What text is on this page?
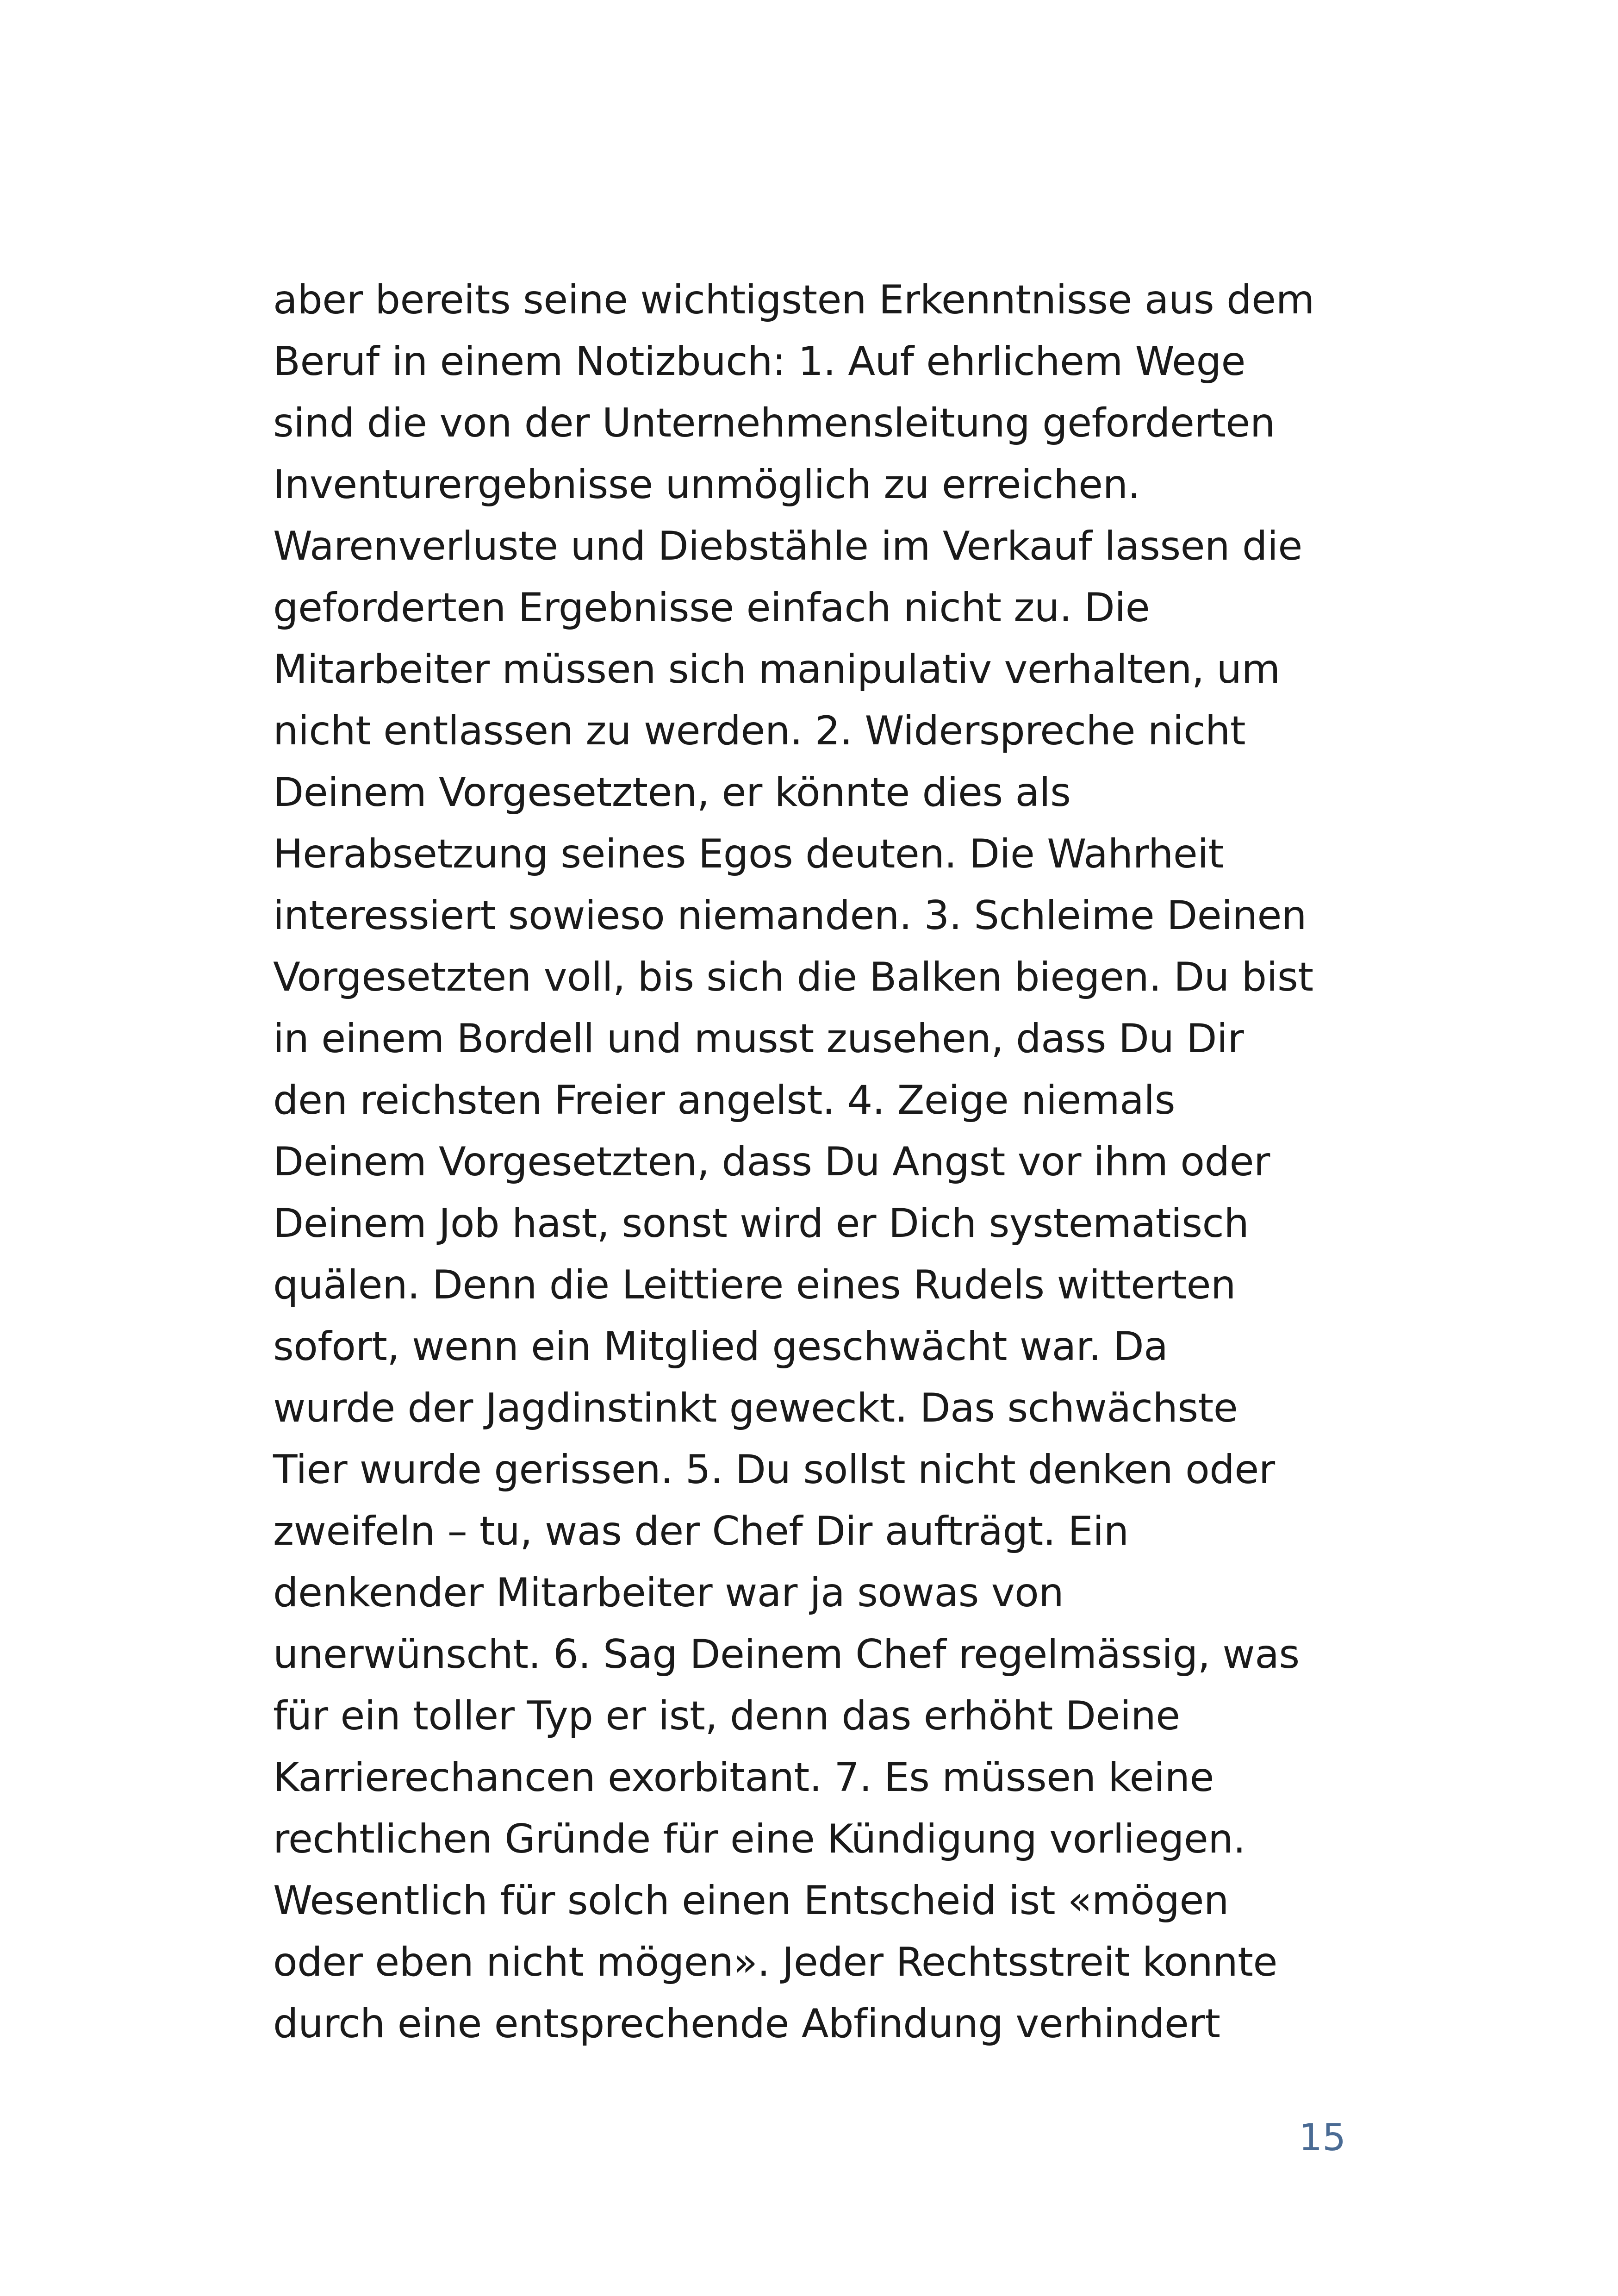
aber bereits seine wichtigsten Erkenntnisse aus dem
Beruf in einem Notizbuch: 1. Auf ehrlichem Wege
sind die von der Unternehmensleitung geforderten
Inventurergebnisse unmöglich zu erreichen.
Warenverluste und Diebstähle im Verkauf lassen die
geforderten Ergebnisse einfach nicht zu. Die
Mitarbeiter müssen sich manipulativ verhalten, um
nicht entlassen zu werden. 2. Widerspreche nicht
Deinem Vorgesetzten, er könnte dies als
Herabsetzung seines Egos deuten. Die Wahrheit
interessiert sowieso niemanden. 3. Schleime Deinen
Vorgesetzten voll, bis sich die Balken biegen. Du bist
in einem Bordell und musst zusehen, dass Du Dir
den reichsten Freier angelst. 4. Zeige niemals
Deinem Vorgesetzten, dass Du Angst vor ihm oder
Deinem Job hast, sonst wird er Dich systematisch
quälen. Denn die Leittiere eines Rudels witterten
sofort, wenn ein Mitglied geschwächt war. Da
wurde der Jagdinstinkt geweckt. Das schwächste
Tier wurde gerissen. 5. Du sollst nicht denken oder
zweifeln – tu, was der Chef Dir aufträgt. Ein
denkender Mitarbeiter war ja sowas von
unerwünscht. 6. Sag Deinem Chef regelmässig, was
für ein toller Typ er ist, denn das erhöht Deine
Karrierechancen exorbitant. 7. Es müssen keine
rechtlichen Gründe für eine Kündigung vorliegen.
Wesentlich für solch einen Entscheid ist «mögen
oder eben nicht mögen». Jeder Rechtsstreit konnte
durch eine entsprechende Abfindung verhindert
15
